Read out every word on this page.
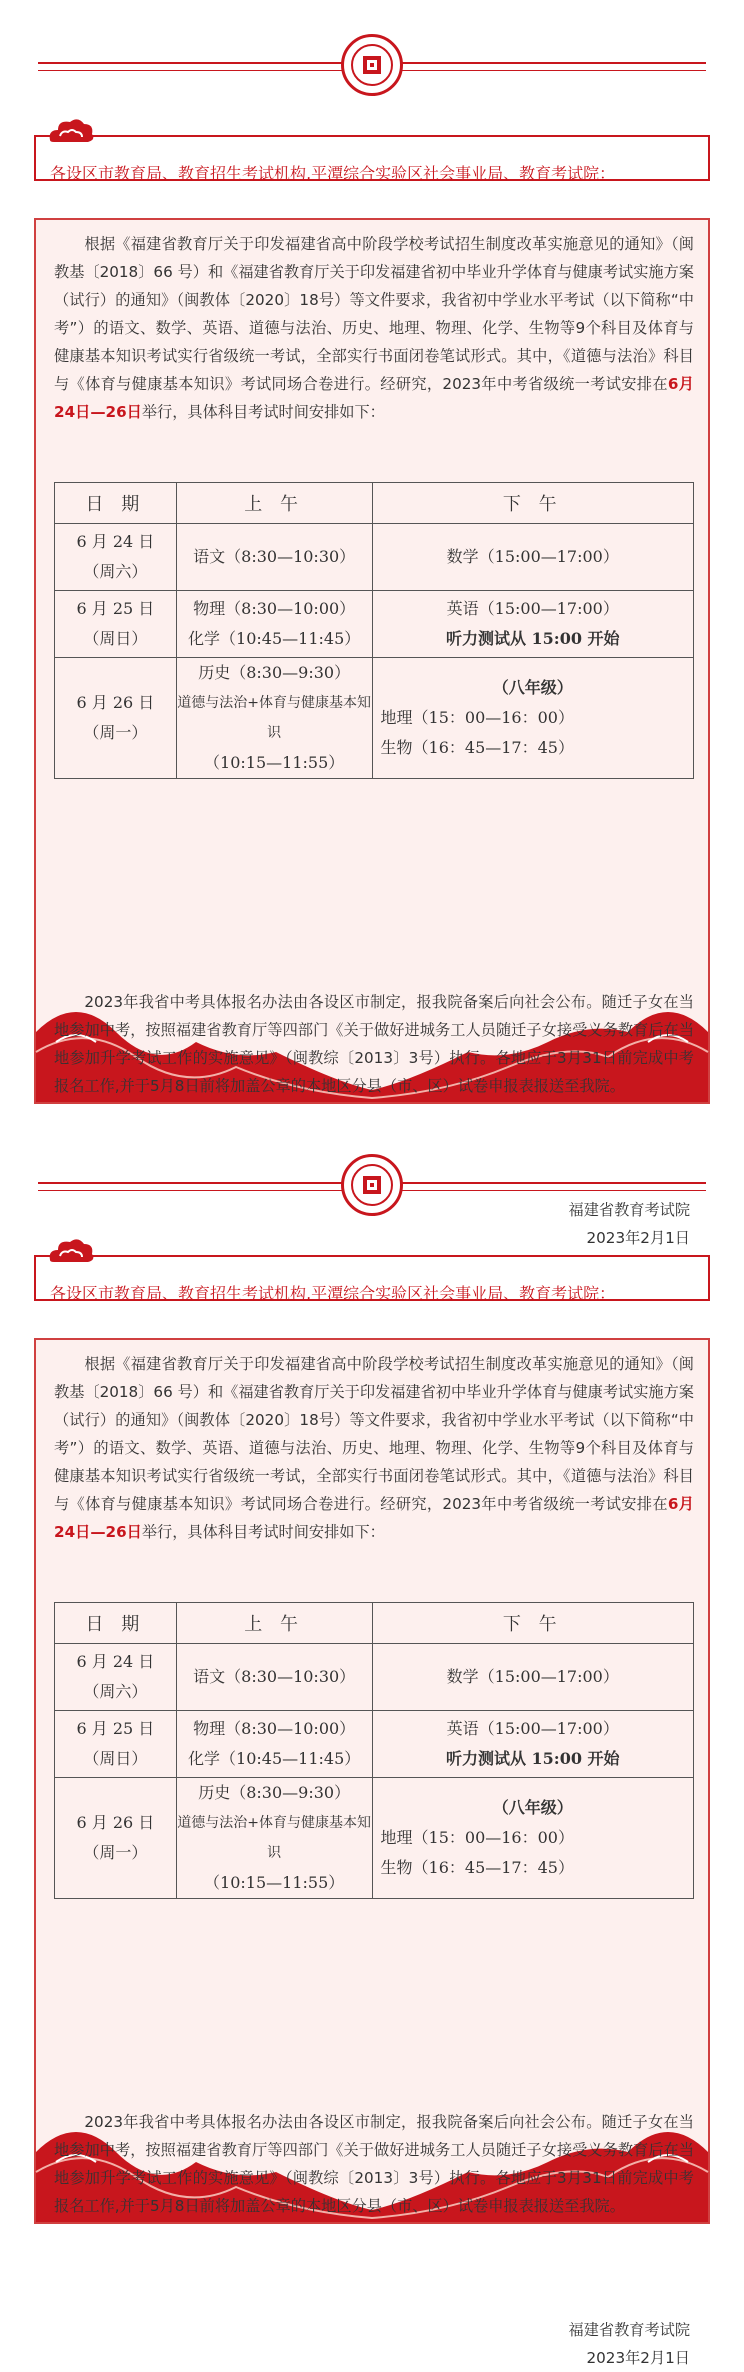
各设区市教育局、教育招生考试机构,平潭综合实验区社会事业局、教育考试院：

根据《福建省教育厅关于印发福建省高中阶段学校考试招生制度改革实施意见的通知》（闽教基〔2018〕66 号）和《福建省教育厅关于印发福建省初中毕业升学体育与健康考试实施方案（试行）的通知》（闽教体〔2020〕18号）等文件要求，我省初中学业水平考试（以下简称“中考”）的语文、数学、英语、道德与法治、历史、地理、物理、化学、生物等9个科目及体育与健康基本知识考试实行省级统一考试，全部实行书面闭卷笔试形式。其中，《道德与法治》科目与《体育与健康基本知识》考试同场合卷进行。经研究，2023年中考省级统一考试安排在6月24日—26日举行，具体科目考试时间安排如下：

日 期	上 午	下 午

6 月 24 日
（周六）	语文（8:30—10:30）	数学（15:00—17:00）

6 月 25 日
（周日）	物理（8:30—10:00）
化学（10:45—11:45）	英语（15:00—17:00）
听力测试从 15:00 开始

6 月 26 日
（周一）	历史（8:30—9:30）
道德与法治+体育与健康基本知识
（10:15—11:55）	（八年级）
地理（15：00—16：00）
生物（16：45—17：45）

2023年我省中考具体报名办法由各设区市制定，报我院备案后向社会公布。随迁子女在当地参加中考，按照福建省教育厅等四部门《关于做好进城务工人员随迁子女接受义务教育后在当地参加升学考试工作的实施意见》（闽教综〔2013〕3号）执行。各地应于3月31日前完成中考报名工作,并于5月8日前将加盖公章的本地区分县（市、区）试卷申报表报送至我院。

福建省教育考试院
2023年2月1日
各设区市教育局、教育招生考试机构,平潭综合实验区社会事业局、教育考试院：

根据《福建省教育厅关于印发福建省高中阶段学校考试招生制度改革实施意见的通知》（闽教基〔2018〕66 号）和《福建省教育厅关于印发福建省初中毕业升学体育与健康考试实施方案（试行）的通知》（闽教体〔2020〕18号）等文件要求，我省初中学业水平考试（以下简称“中考”）的语文、数学、英语、道德与法治、历史、地理、物理、化学、生物等9个科目及体育与健康基本知识考试实行省级统一考试，全部实行书面闭卷笔试形式。其中，《道德与法治》科目与《体育与健康基本知识》考试同场合卷进行。经研究，2023年中考省级统一考试安排在6月24日—26日举行，具体科目考试时间安排如下：

日 期	上 午	下 午

6 月 24 日
（周六）	语文（8:30—10:30）	数学（15:00—17:00）

6 月 25 日
（周日）	物理（8:30—10:00）
化学（10:45—11:45）	英语（15:00—17:00）
听力测试从 15:00 开始

6 月 26 日
（周一）	历史（8:30—9:30）
道德与法治+体育与健康基本知识
（10:15—11:55）	（八年级）
地理（15：00—16：00）
生物（16：45—17：45）

2023年我省中考具体报名办法由各设区市制定，报我院备案后向社会公布。随迁子女在当地参加中考，按照福建省教育厅等四部门《关于做好进城务工人员随迁子女接受义务教育后在当地参加升学考试工作的实施意见》（闽教综〔2013〕3号）执行。各地应于3月31日前完成中考报名工作,并于5月8日前将加盖公章的本地区分县（市、区）试卷申报表报送至我院。

福建省教育考试院
2023年2月1日
